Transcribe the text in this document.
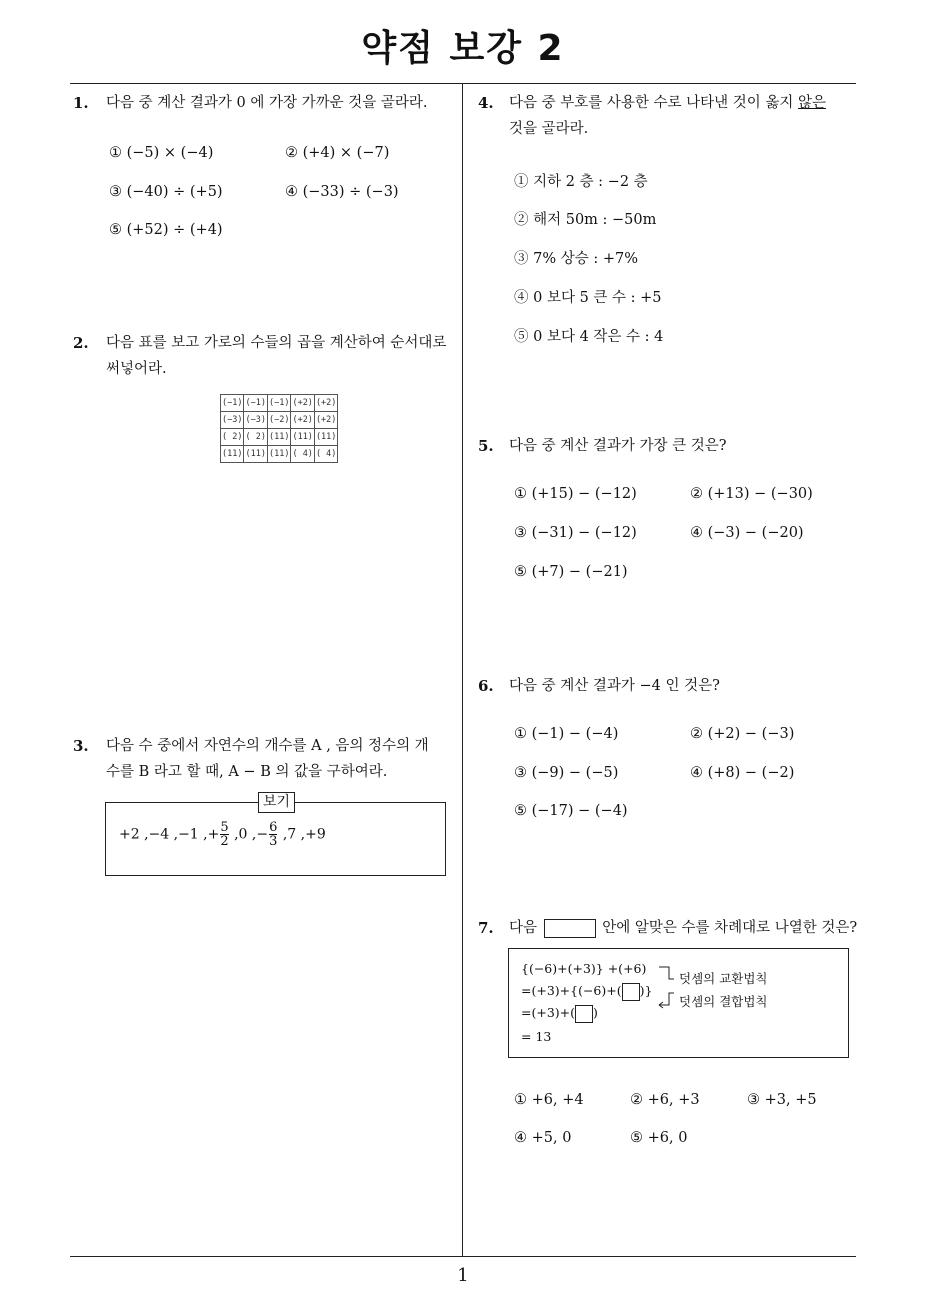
약점 보강 2
1
1. 다음 중 계산 결과가 0 에 가장 가까운 것을 골라라.
① (−5) × (−4)	② (+4) × (−7)
③ (−40) ÷ (+5)	④ (−33) ÷ (−3)
⑤ (+52) ÷ (+4)
2. 다음 표를 보고 가로의 수들의 곱을 계산하여 순서대로
써넣어라.
(−1)	(−1)	(−1)	(+2)	(+2)
(−3)	(−3)	(−2)	(+2)	(+2)
( 2)	( 2)	(11)	(11)	(11)
(11)	(11)	(11)	( 4)	( 4)
3. 다음 수 중에서 자연수의 개수를 A , 음의 정수의 개
수를 B 라고 할 때, A − B 의 값을 구하여라.
보기
+2 ,−4 ,−1 ,+ $\frac{5}{2} ,0$ ,− $\frac{6}{3} ,7$ ,+9
4. 다음 중 부호를 사용한 수로 나타낸 것이 옳지 않은
것을 골라라.
① 지하 2 층 : −2 층
② 해저 50m : −50m
③ 7% 상승 : +7%
④ 0 보다 5 큰 수 : +5
⑤ 0 보다 4 작은 수 : 4
5. 다음 중 계산 결과가 가장 큰 것은?
① (+15) − (−12)	② (+13) − (−30)
③ (−31) − (−12)	④ (−3) − (−20)
⑤ (+7) − (−21)
6. 다음 중 계산 결과가 −4 인 것은?
① (−1) − (−4)	② (+2) − (−3)
③ (−9) − (−5)	④ (+8) − (−2)
⑤ (−17) − (−4)
7. 다음	안에 알맞은 수를 차례대로 나열한 것은?
{(−6)+(+3)} +(+6)
=(+3)+{(−6)+( )}
=(+3)+( )
= 13
덧셈의 교환법칙
덧셈의 결합법칙
① +6, +4	② +6, +3	③ +3, +5
④ +5, 0	⑤ +6, 0
